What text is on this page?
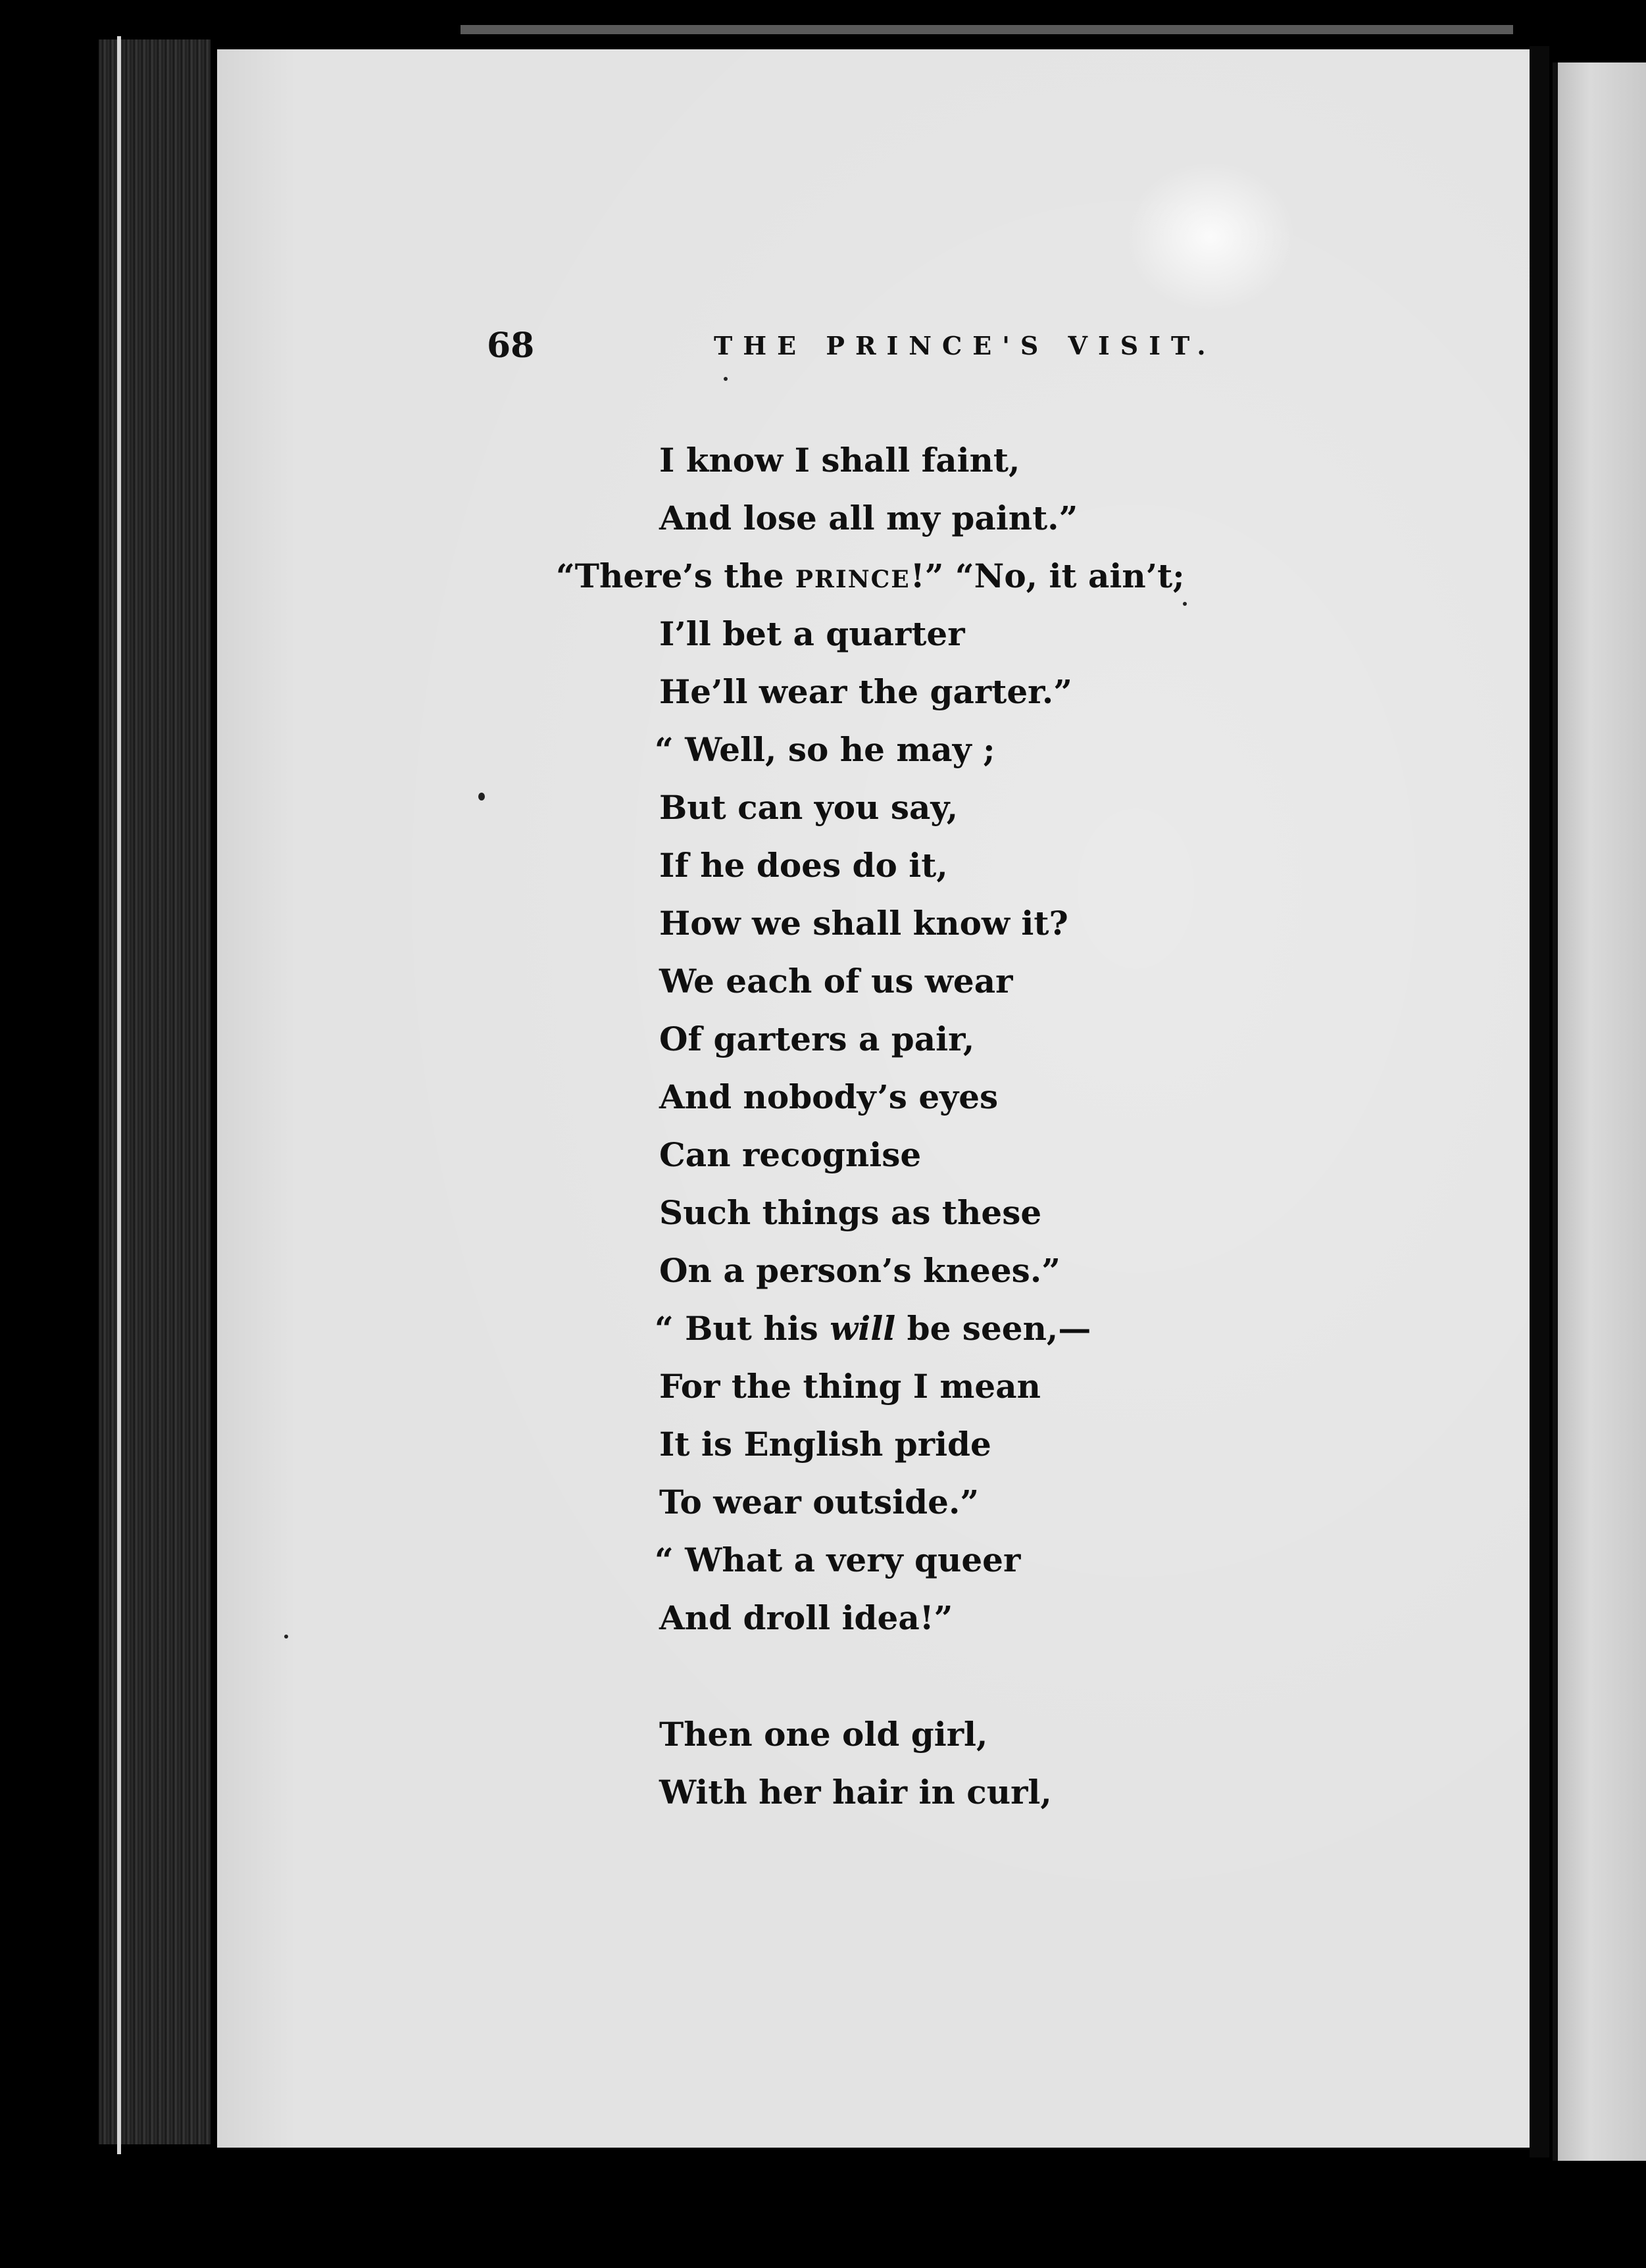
68	THE PRINCE'S VISIT.
I know I shall faint,
And lose all my paint.”
“There’s the PRINCE!” “No, it ain’t;
I’ll bet a quarter
He’ll wear the garter.”
“ Well, so he may ;
But can you say,
If he does do it,
How we shall know it?
We each of us wear
Of garters a pair,
And nobody’s eyes
Can recognise
Such things as these
On a person’s knees.”
“ But his will be seen,—
For the thing I mean
It is English pride
To wear outside.”
“ What a very queer
And droll idea!”
Then one old girl,
With her hair in curl,
